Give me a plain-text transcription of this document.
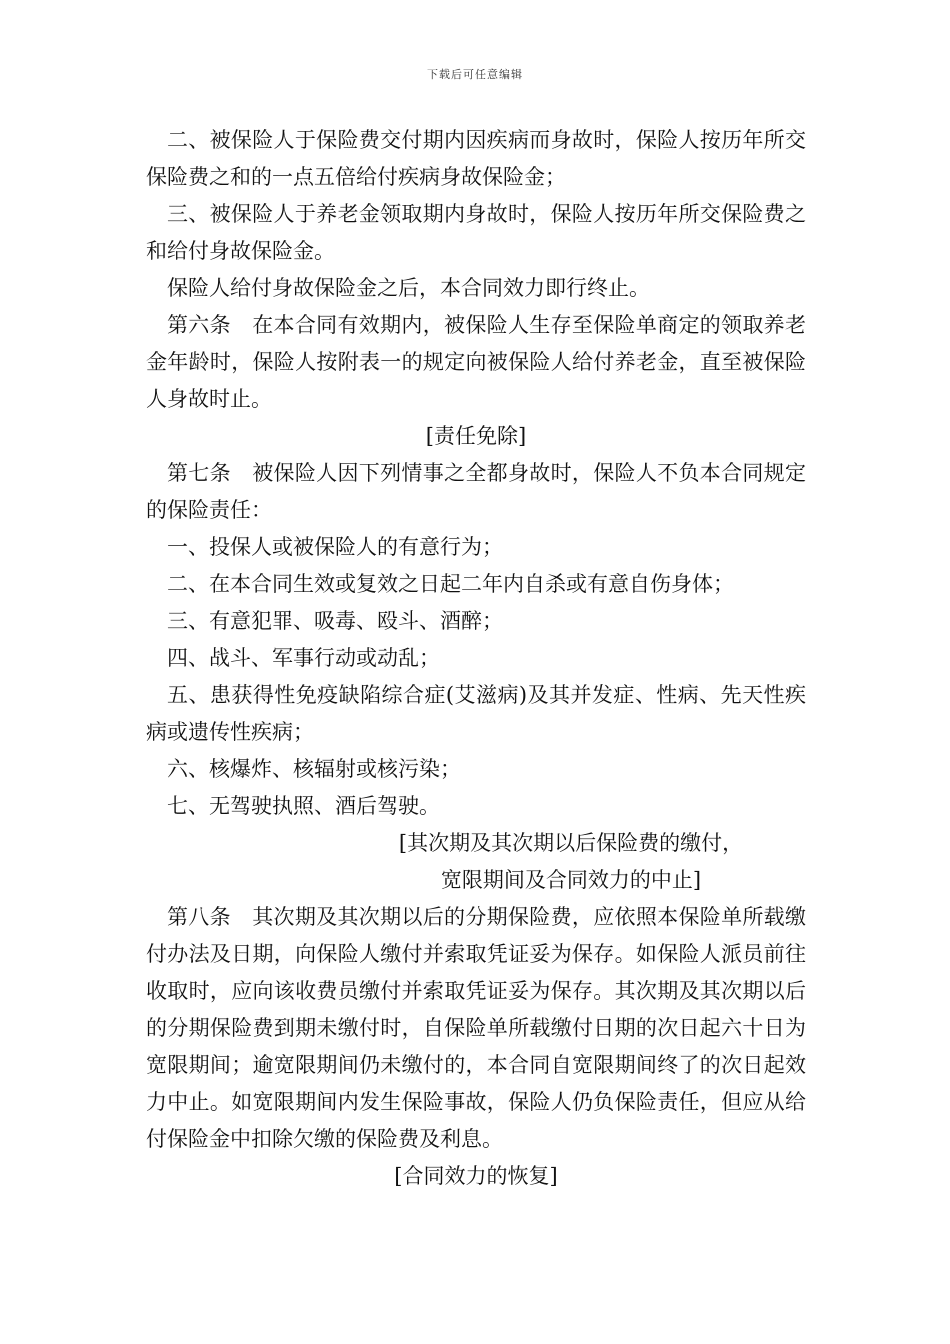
下载后可任意编辑

二、被保险人于保险费交付期内因疾病而身故时，保险人按历年所交保险费之和的一点五倍给付疾病身故保险金；

三、被保险人于养老金领取期内身故时，保险人按历年所交保险费之和给付身故保险金。

保险人给付身故保险金之后，本合同效力即行终止。

第六条　在本合同有效期内，被保险人生存至保险单商定的领取养老金年龄时，保险人按附表一的规定向被保险人给付养老金，直至被保险人身故时止。

[责任免除]

第七条　被保险人因下列情事之全都身故时，保险人不负本合同规定的保险责任：

一、投保人或被保险人的有意行为；

二、在本合同生效或复效之日起二年内自杀或有意自伤身体；

三、有意犯罪、吸毒、殴斗、酒醉；

四、战斗、军事行动或动乱；

五、患获得性免疫缺陷综合症(艾滋病)及其并发症、性病、先天性疾病或遗传性疾病；

六、核爆炸、核辐射或核污染；

七、无驾驶执照、酒后驾驶。

[其次期及其次期以后保险费的缴付，

宽限期间及合同效力的中止]

第八条　其次期及其次期以后的分期保险费，应依照本保险单所载缴付办法及日期，向保险人缴付并索取凭证妥为保存。如保险人派员前往收取时，应向该收费员缴付并索取凭证妥为保存。其次期及其次期以后的分期保险费到期未缴付时，自保险单所载缴付日期的次日起六十日为宽限期间；逾宽限期间仍未缴付的，本合同自宽限期间终了的次日起效力中止。如宽限期间内发生保险事故，保险人仍负保险责任，但应从给付保险金中扣除欠缴的保险费及利息。

[合同效力的恢复]
